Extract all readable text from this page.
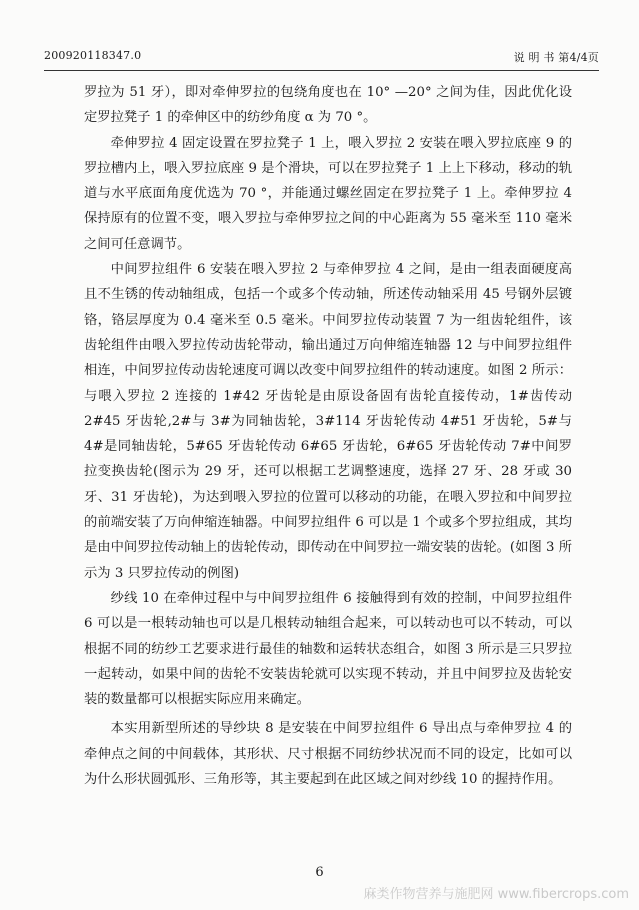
200920118347.0	说 明 书 第4/4页

罗拉为 51 牙），即对牵伸罗拉的包绕角度也在 10° —20° 之间为佳，因此优化设定罗拉凳子 1 的牵伸区中的纺纱角度 α 为 70 °。

牵伸罗拉 4 固定设置在罗拉凳子 1 上，喂入罗拉 2 安装在喂入罗拉底座 9 的罗拉槽内上，喂入罗拉底座 9 是个滑块，可以在罗拉凳子 1 上上下移动，移动的轨道与水平底面角度优选为 70 °，并能通过螺丝固定在罗拉凳子 1 上。牵伸罗拉 4 保持原有的位置不变，喂入罗拉与牵伸罗拉之间的中心距离为 55 毫米至 110 毫米之间可任意调节。

中间罗拉组件 6 安装在喂入罗拉 2 与牵伸罗拉 4 之间，是由一组表面硬度高且不生锈的传动轴组成，包括一个或多个传动轴，所述传动轴采用 45 号钢外层镀铬，铬层厚度为 0.4 毫米至 0.5 毫米。中间罗拉传动装置 7 为一组齿轮组件，该齿轮组件由喂入罗拉传动齿轮带动，输出通过万向伸缩连轴器 12 与中间罗拉组件相连，中间罗拉传动齿轮速度可调以改变中间罗拉组件的转动速度。如图 2 所示：与喂入罗拉 2 连接的 1#42 牙齿轮是由原设备固有齿轮直接传动，1#齿传动 2#45 牙齿轮,2#与 3#为同轴齿轮，3#114 牙齿轮传动 4#51 牙齿轮，5#与 4#是同轴齿轮，5#65 牙齿轮传动 6#65 牙齿轮，6#65 牙齿轮传动 7#中间罗拉变换齿轮(图示为 29 牙，还可以根据工艺调整速度，选择 27 牙、28 牙或 30 牙、31 牙齿轮)，为达到喂入罗拉的位置可以移动的功能，在喂入罗拉和中间罗拉的前端安装了万向伸缩连轴器。中间罗拉组件 6 可以是 1 个或多个罗拉组成，其均是由中间罗拉传动轴上的齿轮传动，即传动在中间罗拉一端安装的齿轮。(如图 3 所示为 3 只罗拉传动的例图)

纱线 10 在牵伸过程中与中间罗拉组件 6 接触得到有效的控制，中间罗拉组件 6 可以是一根转动轴也可以是几根转动轴组合起来，可以转动也可以不转动，可以根据不同的纺纱工艺要求进行最佳的轴数和运转状态组合，如图 3 所示是三只罗拉一起转动，如果中间的齿轮不安装齿轮就可以实现不转动，并且中间罗拉及齿轮安装的数量都可以根据实际应用来确定。

本实用新型所述的导纱块 8 是安装在中间罗拉组件 6 导出点与牵伸罗拉 4 的牵伸点之间的中间载体，其形状、尺寸根据不同纺纱状况而不同的设定，比如可以为什么形状圆弧形、三角形等，其主要起到在此区域之间对纱线 10 的握持作用。

6
麻类作物营养与施肥网 www.fibercrops.com
